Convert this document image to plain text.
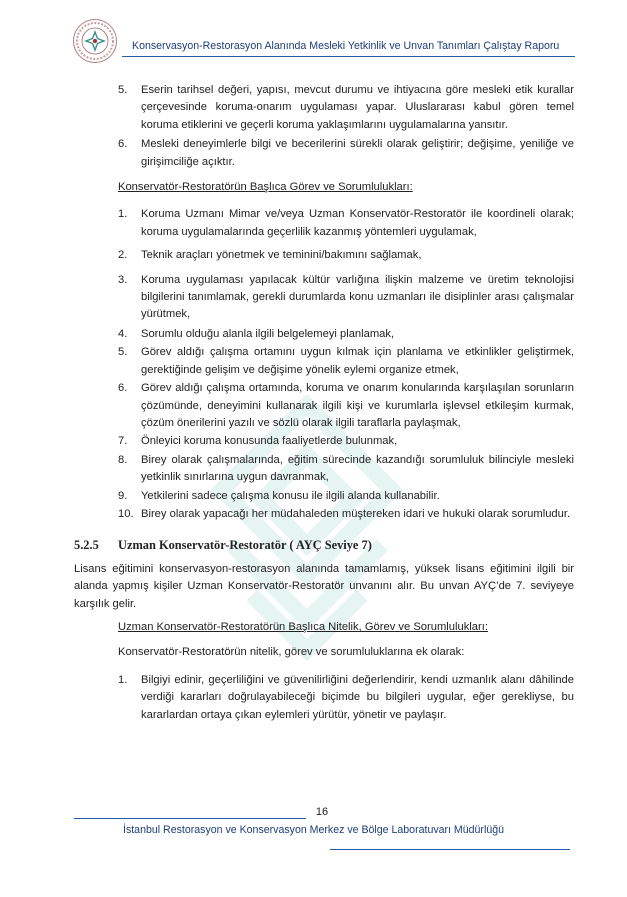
Konservasyon-Restorasyon Alanında Mesleki Yetkinlik ve Unvan Tanımları Çalıştay Raporu
5.	Eserin tarihsel değeri, yapısı, mevcut durumu ve ihtiyacına göre mesleki etik kurallar çerçevesinde koruma-onarım uygulaması yapar. Uluslararası kabul gören temel koruma etiklerini ve geçerli koruma yaklaşımlarını uygulamalarına yansıtır.
6.	Mesleki deneyimlerle bilgi ve becerilerini sürekli olarak geliştirir; değişime, yeniliğe ve girişimciliğe açıktır.
Konservatör-Restoratörün Başlıca Görev ve Sorumlulukları:
1.	Koruma Uzmanı Mimar ve/veya Uzman Konservatör-Restoratör ile koordineli olarak; koruma uygulamalarında geçerlilik kazanmış yöntemleri uygulamak,
2.	Teknik araçları yönetmek ve teminini/bakımını sağlamak,
3.	Koruma uygulaması yapılacak kültür varlığına ilişkin malzeme ve üretim teknolojisi bilgilerini tanımlamak, gerekli durumlarda konu uzmanları ile disiplinler arası çalışmalar yürütmek,
4.	Sorumlu olduğu alanla ilgili belgelemeyi planlamak,
5.	Görev aldığı çalışma ortamını uygun kılmak için planlama ve etkinlikler geliştirmek, gerektiğinde gelişim ve değişime yönelik eylemi organize etmek,
6.	Görev aldığı çalışma ortamında, koruma ve onarım konularında karşılaşılan sorunların çözümünde, deneyimini kullanarak ilgili kişi ve kurumlarla işlevsel etkileşim kurmak, çözüm önerilerini yazılı ve sözlü olarak ilgili taraflarla paylaşmak,
7.	Önleyici koruma konusunda faaliyetlerde bulunmak,
8.	Birey olarak çalışmalarında, eğitim sürecinde kazandığı sorumluluk bilinciyle mesleki yetkinlik sınırlarına uygun davranmak,
9.	Yetkilerini sadece çalışma konusu ile ilgili alanda kullanabilir.
10. Birey olarak yapacağı her müdahaleden müştereken idari ve hukuki olarak sorumludur.
5.2.5	Uzman Konservatör-Restoratör ( AYÇ Seviye 7)
Lisans eğitimini konservasyon-restorasyon alanında tamamlamış, yüksek lisans eğitimini ilgili bir alanda yapmış kişiler Uzman Konservatör-Restoratör unvanını alır. Bu unvan AYÇ’de 7. seviyeye karşılık gelir.
Uzman Konservatör-Restoratörün Başlıca Nitelik, Görev ve Sorumlulukları:
Konservatör-Restoratörün nitelik, görev ve sorumluluklarına ek olarak:
1.	Bilgiyi edinir, geçerliliğini ve güvenilirliğini değerlendirir, kendi uzmanlık alanı dâhilinde verdiği kararları doğrulayabileceği biçimde bu bilgileri uygular, eğer gerekliyse, bu kararlardan ortaya çıkan eylemleri yürütür, yönetir ve paylaşır.
16
İstanbul Restorasyon ve Konservasyon Merkez ve Bölge Laboratuvarı Müdürlüğü
